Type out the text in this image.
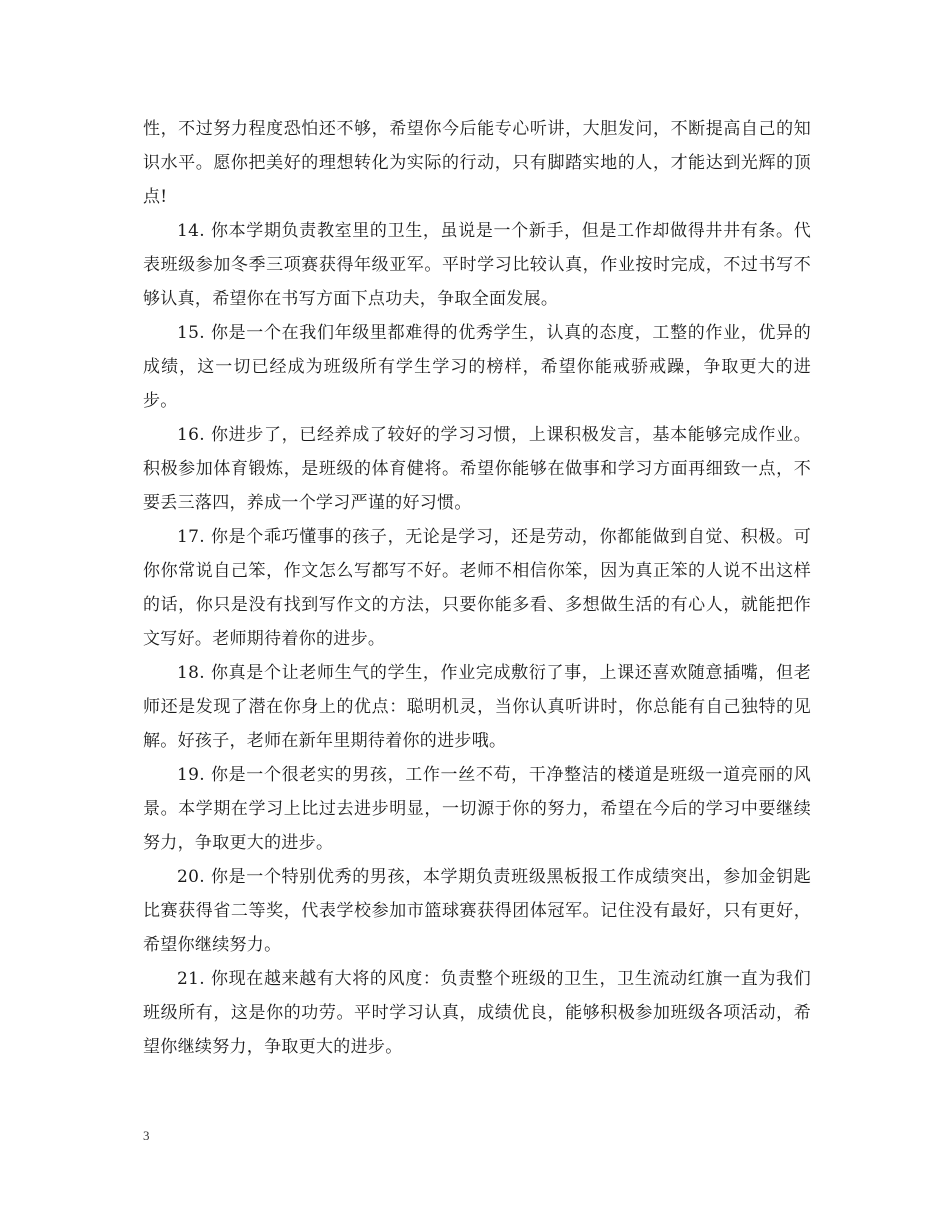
性，不过努力程度恐怕还不够，希望你今后能专心听讲，大胆发问，不断提高自己的知识水平。愿你把美好的理想转化为实际的行动，只有脚踏实地的人，才能达到光辉的顶点!

14. 你本学期负责教室里的卫生，虽说是一个新手，但是工作却做得井井有条。代表班级参加冬季三项赛获得年级亚军。平时学习比较认真，作业按时完成，不过书写不够认真，希望你在书写方面下点功夫，争取全面发展。

15. 你是一个在我们年级里都难得的优秀学生，认真的态度，工整的作业，优异的成绩，这一切已经成为班级所有学生学习的榜样，希望你能戒骄戒躁，争取更大的进步。

16. 你进步了，已经养成了较好的学习习惯，上课积极发言，基本能够完成作业。积极参加体育锻炼，是班级的体育健将。希望你能够在做事和学习方面再细致一点，不要丢三落四，养成一个学习严谨的好习惯。

17. 你是个乖巧懂事的孩子，无论是学习，还是劳动，你都能做到自觉、积极。可你你常说自己笨，作文怎么写都写不好。老师不相信你笨，因为真正笨的人说不出这样的话，你只是没有找到写作文的方法，只要你能多看、多想做生活的有心人，就能把作文写好。老师期待着你的进步。

18. 你真是个让老师生气的学生，作业完成敷衍了事，上课还喜欢随意插嘴，但老师还是发现了潜在你身上的优点：聪明机灵，当你认真听讲时，你总能有自己独特的见解。好孩子，老师在新年里期待着你的进步哦。

19. 你是一个很老实的男孩，工作一丝不苟，干净整洁的楼道是班级一道亮丽的风景。本学期在学习上比过去进步明显，一切源于你的努力，希望在今后的学习中要继续努力，争取更大的进步。

20. 你是一个特别优秀的男孩，本学期负责班级黑板报工作成绩突出，参加金钥匙比赛获得省二等奖，代表学校参加市篮球赛获得团体冠军。记住没有最好，只有更好，希望你继续努力。

21. 你现在越来越有大将的风度：负责整个班级的卫生，卫生流动红旗一直为我们班级所有，这是你的功劳。平时学习认真，成绩优良，能够积极参加班级各项活动，希望你继续努力，争取更大的进步。

3
